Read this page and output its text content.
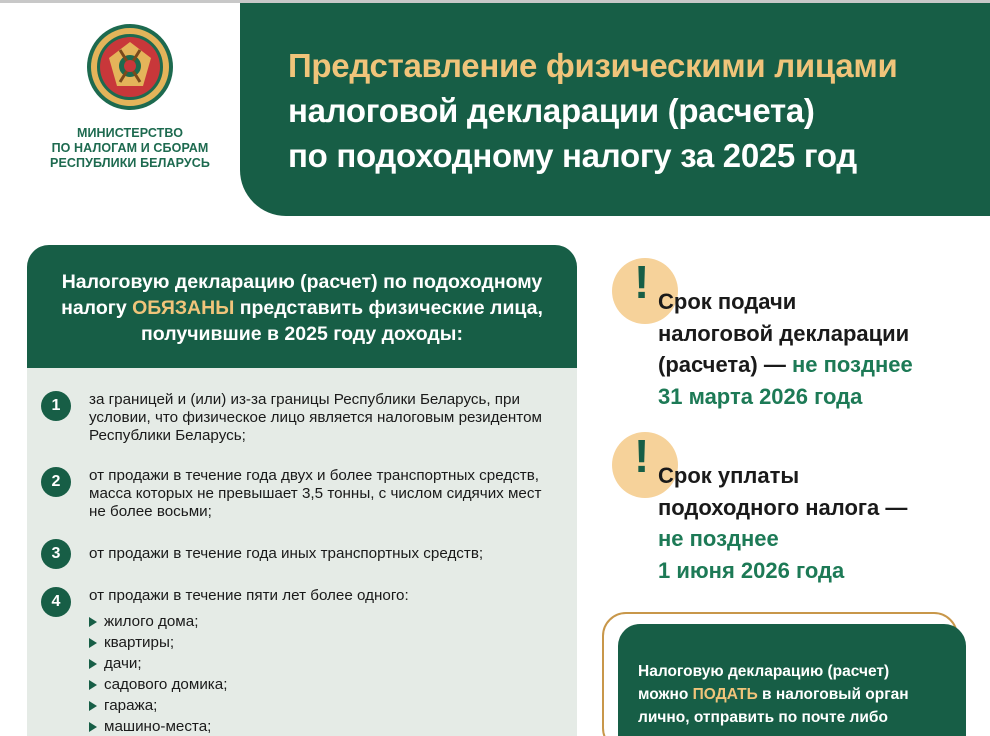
МИНИСТЕРСТВО
ПО НАЛОГАМ И СБОРАМ
РЕСПУБЛИКИ БЕЛАРУСЬ
Представление физическими лицами
налоговой декларации (расчета)
по подоходному налогу за 2025 год
Налоговую декларацию (расчет) по подоходному налогу ОБЯЗАНЫ представить физические лица, получившие в 2025 году доходы:
1	за границей и (или) из-за границы Республики Беларусь, при условии, что физическое лицо является налоговым резидентом Республики Беларусь;
2	от продажи в течение года двух и более транспортных средств, масса которых не превышает 3,5 тонны, с числом сидячих мест не более восьми;
3	от продажи в течение года иных транспортных средств;
4	от продажи в течение пяти лет более одного:
жилого дома;
квартиры;
дачи;
садового домика;
гаража;
машино-места;
! Срок подачи
налоговой декларации
(расчета) — не позднее
31 марта 2026 года
! Срок уплаты
подоходного налога —
не позднее
1 июня 2026 года
Налоговую декларацию (расчет)
можно ПОДАТЬ в налоговый орган
лично, отправить по почте либо
